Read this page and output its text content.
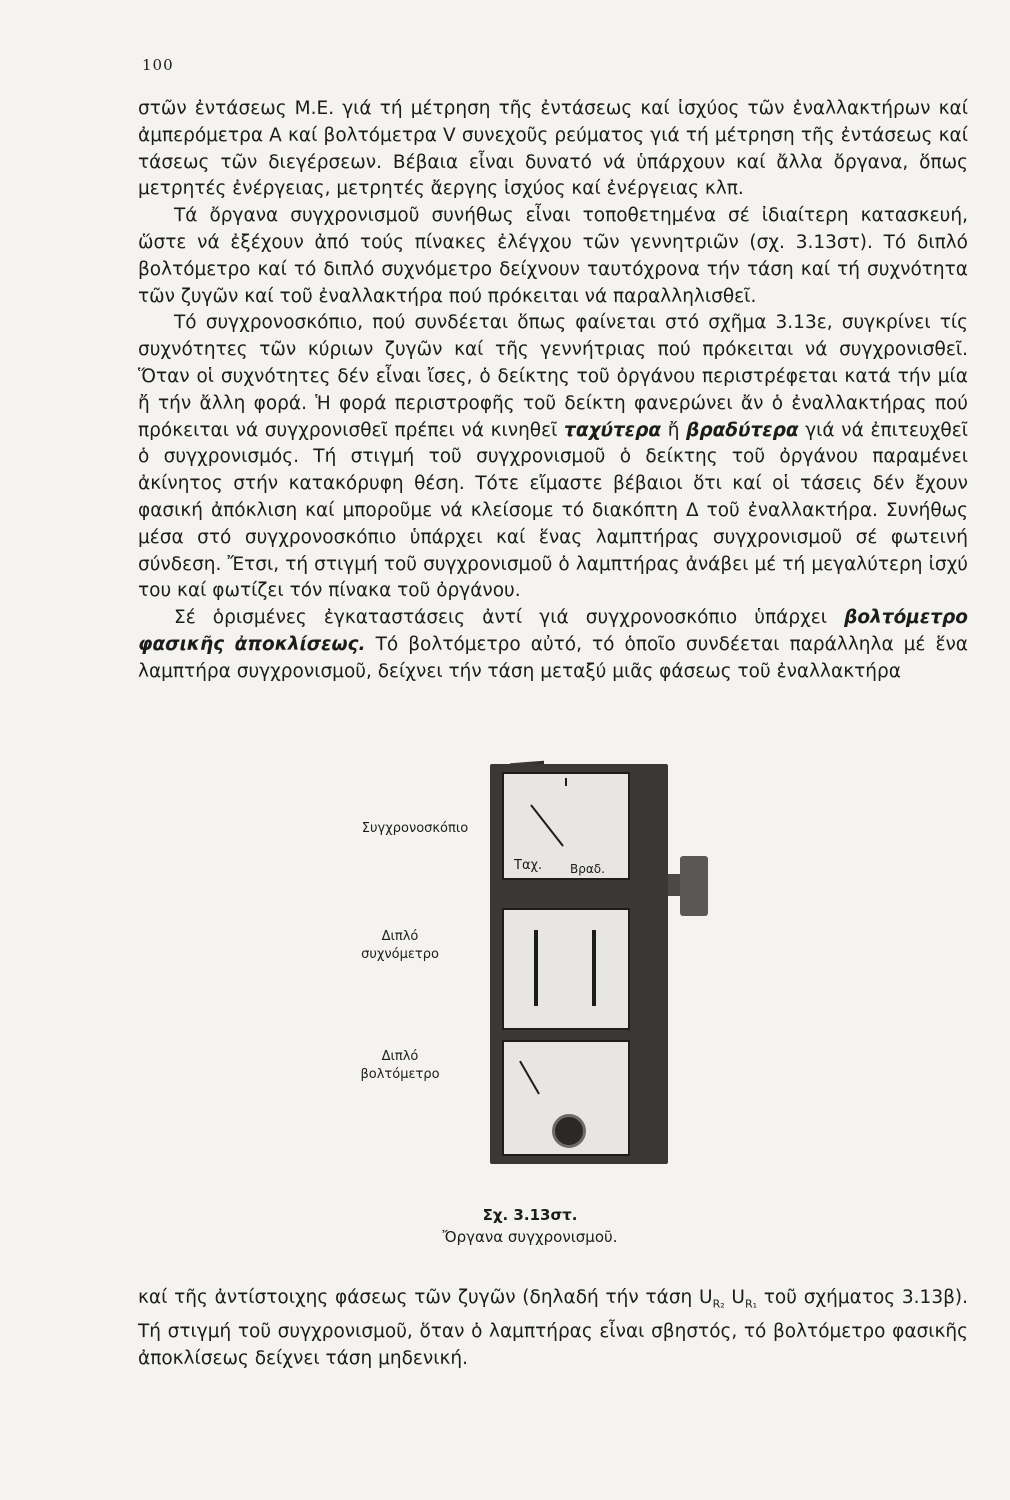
100

στῶν ἐντάσεως Μ.Ε. γιά τή μέτρηση τῆς ἐντάσεως καί ἰσχύος τῶν ἐναλλακτήρων καί ἀμπερόμετρα Α καί βολτόμετρα V συνεχοῦς ρεύματος γιά τή μέτρηση τῆς ἐντάσεως καί τάσεως τῶν διεγέρσεων. Βέβαια εἶναι δυνατό νά ὑπάρχουν καί ἄλλα ὄργανα, ὅπως μετρητές ἐνέργειας, μετρητές ἄεργης ἰσχύος καί ἐνέργειας κλπ.

Τά ὄργανα συγχρονισμοῦ συνήθως εἶναι τοποθετημένα σέ ἰδιαίτερη κατασκευή, ὥστε νά ἐξέχουν ἀπό τούς πίνακες ἐλέγχου τῶν γεννητριῶν (σχ. 3.13στ). Τό διπλό βολτόμετρο καί τό διπλό συχνόμετρο δείχνουν ταυτόχρονα τήν τάση καί τή συχνότητα τῶν ζυγῶν καί τοῦ ἐναλλακτήρα πού πρόκειται νά παραλληλισθεῖ.

Τό συγχρονοσκόπιο, πού συνδέεται ὅπως φαίνεται στό σχῆμα 3.13ε, συγκρίνει τίς συχνότητες τῶν κύριων ζυγῶν καί τῆς γεννήτριας πού πρόκειται νά συγχρονισθεῖ. Ὅταν οἱ συχνότητες δέν εἶναι ἴσες, ὁ δείκτης τοῦ ὀργάνου περιστρέφεται κατά τήν μία ἤ τήν ἄλλη φορά. Ἡ φορά περιστροφῆς τοῦ δείκτη φανερώνει ἄν ὁ ἐναλλακτήρας πού πρόκειται νά συγχρονισθεῖ πρέπει νά κινηθεῖ ταχύτερα ἤ βραδύτερα γιά νά ἐπιτευχθεῖ ὁ συγχρονισμός. Τή στιγμή τοῦ συγχρονισμοῦ ὁ δείκτης τοῦ ὀργάνου παραμένει ἀκίνητος στήν κατακόρυφη θέση. Τότε εἴμαστε βέβαιοι ὅτι καί οἱ τάσεις δέν ἔχουν φασική ἀπόκλιση καί μποροῦμε νά κλείσομε τό διακόπτη Δ τοῦ ἐναλλακτήρα. Συνήθως μέσα στό συγχρονοσκόπιο ὑπάρχει καί ἕνας λαμπτήρας συγχρονισμοῦ σέ φωτεινή σύνδεση. Ἔτσι, τή στιγμή τοῦ συγχρονισμοῦ ὁ λαμπτήρας ἀνάβει μέ τή μεγαλύτερη ἰσχύ του καί φωτίζει τόν πίνακα τοῦ ὀργάνου.

Σέ ὁρισμένες ἐγκαταστάσεις ἀντί γιά συγχρονοσκόπιο ὑπάρχει βολτόμετρο φασικῆς ἀποκλίσεως. Τό βολτόμετρο αὐτό, τό ὁποῖο συνδέεται παράλληλα μέ ἕνα λαμπτήρα συγχρονισμοῦ, δείχνει τήν τάση μεταξύ μιᾶς φάσεως τοῦ ἐναλλακτήρα

Ταχ. Βραδ.
Συγχρονοσκόπιο
Διπλό
συχνόμετρο
Διπλό
βολτόμετρο
Σχ. 3.13στ.
Ὄργανα συγχρονισμοῦ.
καί τῆς ἀντίστοιχης φάσεως τῶν ζυγῶν (δηλαδή τήν τάση $U_{R_2}$ $U_{R_1}$ τοῦ σχήματος 3.13β). Τή στιγμή τοῦ συγχρονισμοῦ, ὅταν ὁ λαμπτήρας εἶναι σβηστός, τό βολτόμετρο φασικῆς ἀποκλίσεως δείχνει τάση μηδενική.
